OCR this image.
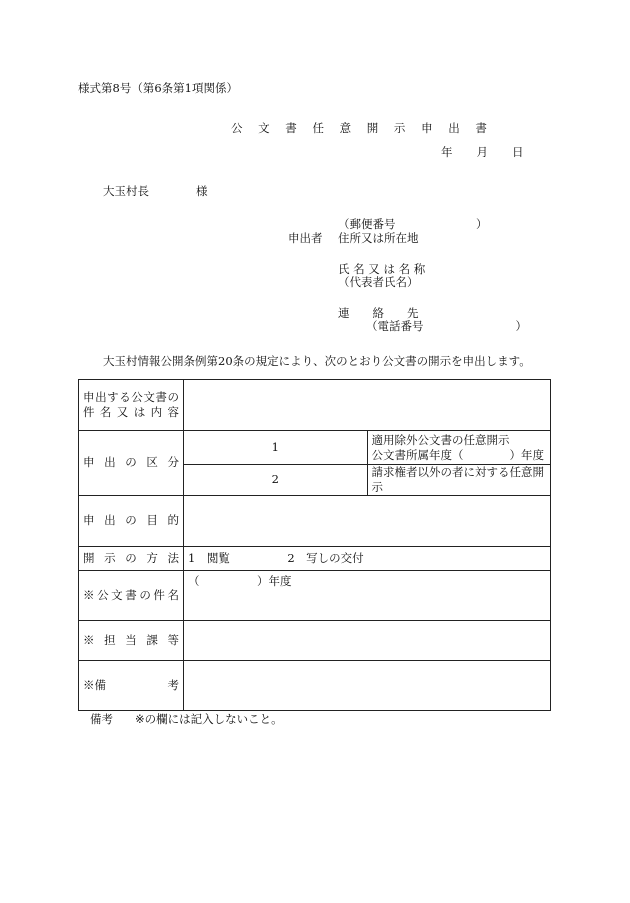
様式第8号（第6条第1項関係）
公 文 書 任 意 開 示 申 出 書
年 月 日
大玉村長	様
（郵便番号　　　　　　　）
申出者 住所又は所在地
氏 名 又 は 名 称
（代表者氏名）
連　　絡　　先
（電話番号　　　　　　　　）
大玉村情報公開条例第20条の規定により、次のとおり公文書の開示を申出します。
申出する公文書の
件 名 又 は 内 容		

申出の区分	1	適用除外公文書の任意開示
公文書所属年度（　　　　）年度

	2	請求権者以外の者に対する任意開示
申出の目的		
開示の方法	1　閲覧　　　　　2　写しの交付	
※公文書の件名	（　　　　　）年度	
※担当課等		
※備 考		

備考 ※の欄には記入しないこと。
